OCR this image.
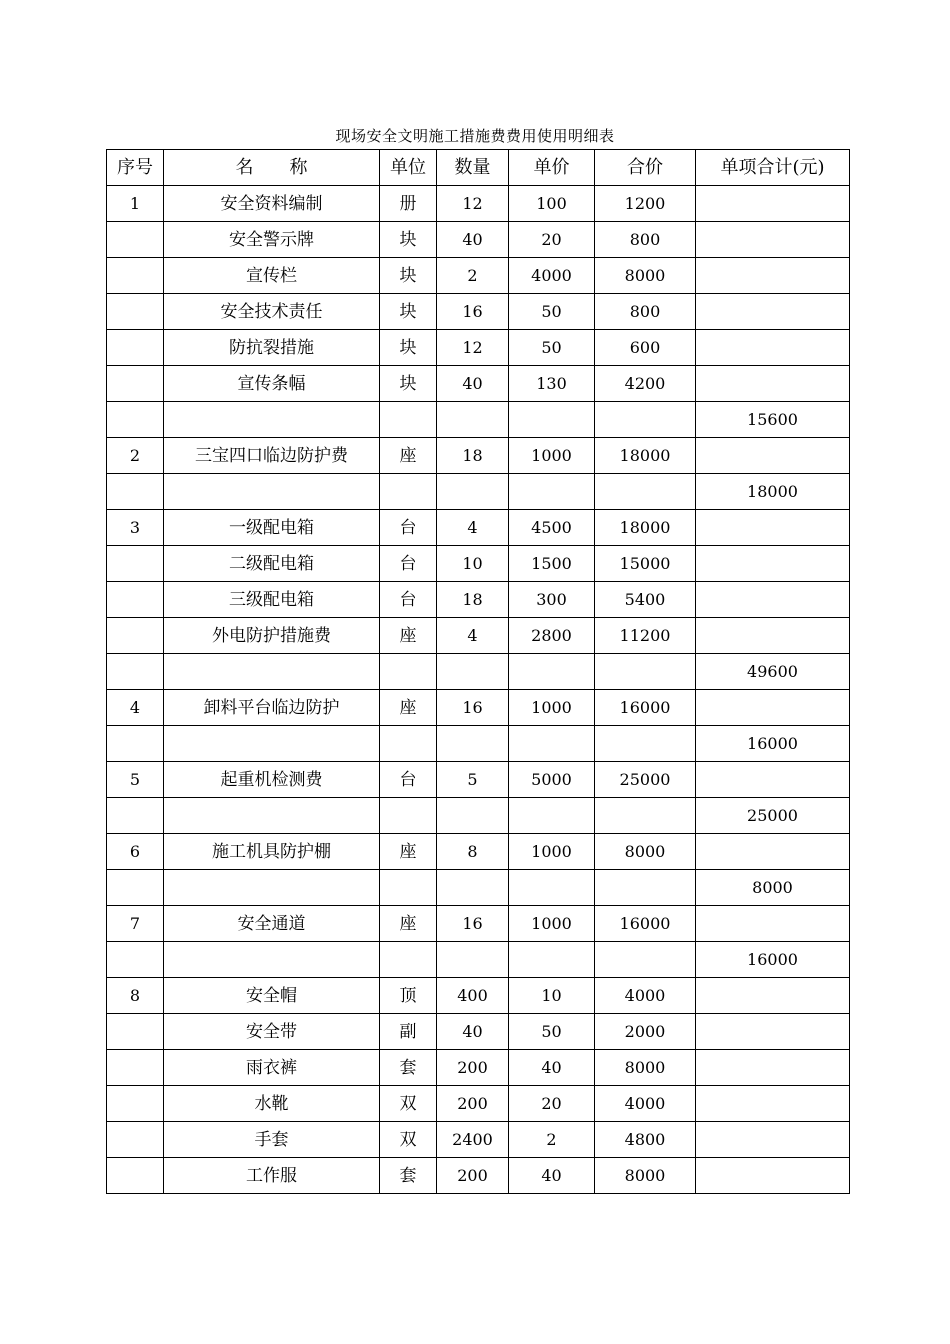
现场安全文明施工措施费费用使用明细表
序号	名　　称	单位	数量	单价	合价	单项合计(元)
1	安全资料编制	册	12	100	1200	
	安全警示牌	块	40	20	800	
	宣传栏	块	2	4000	8000	
	安全技术责任	块	16	50	800	
	防抗裂措施	块	12	50	600	
	宣传条幅	块	40	130	4200	
						15600
2	三宝四口临边防护费	座	18	1000	18000	
						18000
3	一级配电箱	台	4	4500	18000	
	二级配电箱	台	10	1500	15000	
	三级配电箱	台	18	300	5400	
	外电防护措施费	座	4	2800	11200	
						49600
4	卸料平台临边防护	座	16	1000	16000	
						16000
5	起重机检测费	台	5	5000	25000	
						25000
6	施工机具防护棚	座	8	1000	8000	
						8000
7	安全通道	座	16	1000	16000	
						16000
8	安全帽	顶	400	10	4000	
	安全带	副	40	50	2000	
	雨衣裤	套	200	40	8000	
	水靴	双	200	20	4000	
	手套	双	2400	2	4800	
	工作服	套	200	40	8000	
